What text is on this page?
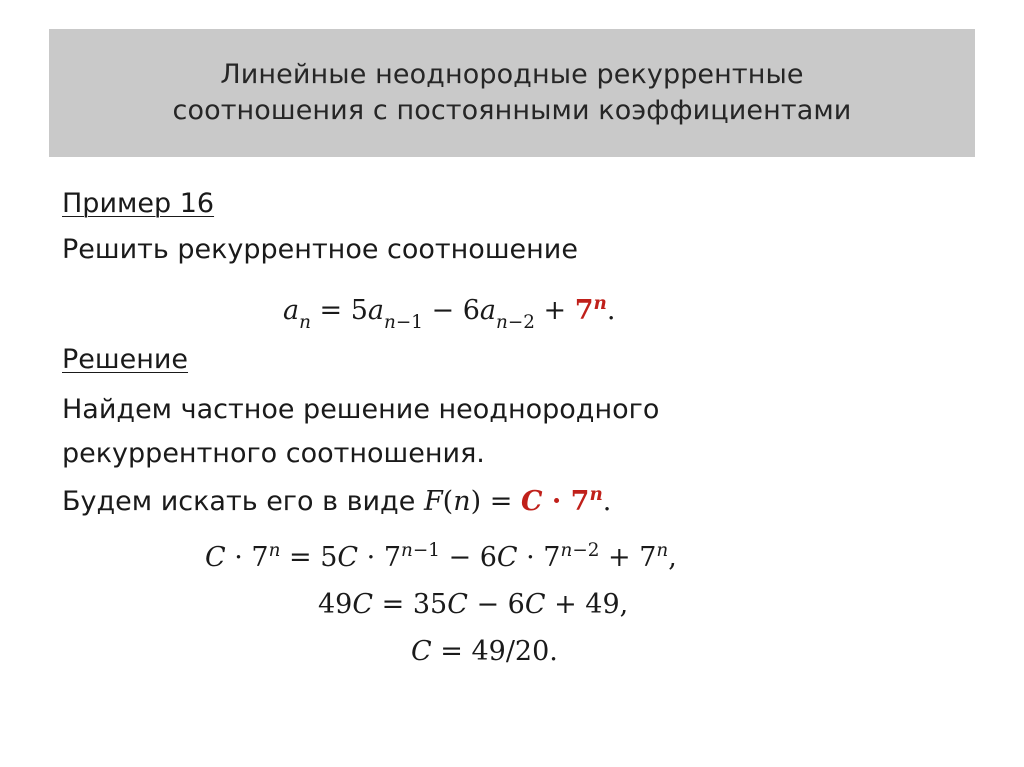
Линейные неоднородные рекуррентные
соотношения с постоянными коэффициентами
Пример 16
Решить рекуррентное соотношение
$a_n = 5a_{n-1} - 6a_{n-2} + 7^n$.
Решение
Найдем частное решение неоднородного
рекуррентного соотношения.
Будем искать его в виде $F(n) = C \cdot 7^n$.
$C \cdot 7^n = 5C \cdot 7^{n-1} - 6C \cdot 7^{n-2} + 7^n$,
49C = 35C − 6C + 49,
C = 49/20.
